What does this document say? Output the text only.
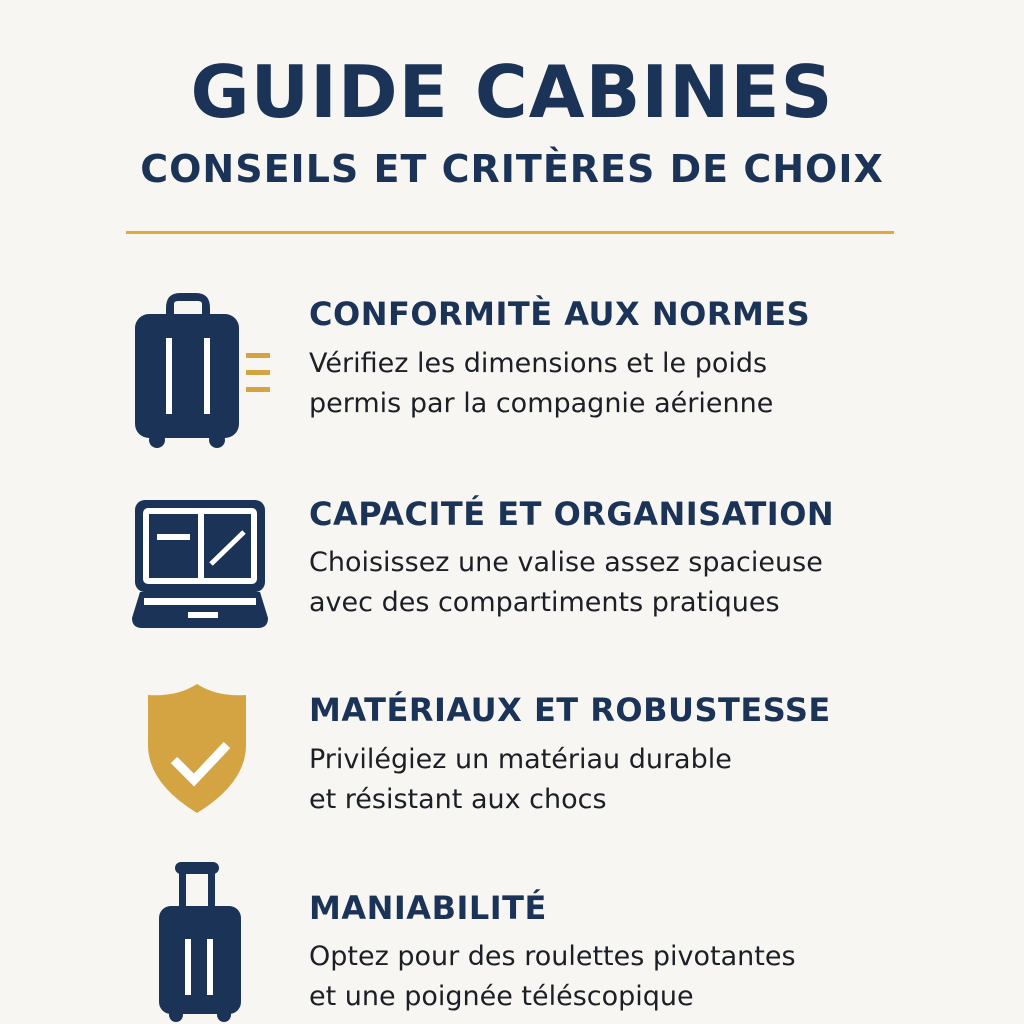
GUIDE CABINES
CONSEILS ET CRITÈRES DE CHOIX
CONFORMITÈ AUX NORMES
Vérifiez les dimensions et le poids
permis par la compagnie aérienne
CAPACITÉ ET ORGANISATION
Choisissez une valise assez spacieuse
avec des compartiments pratiques
MATÉRIAUX ET ROBUSTESSE
Privilégiez un matériau durable
et résistant aux chocs
MANIABILITÉ
Optez pour des roulettes pivotantes
et une poignée téléscopique
